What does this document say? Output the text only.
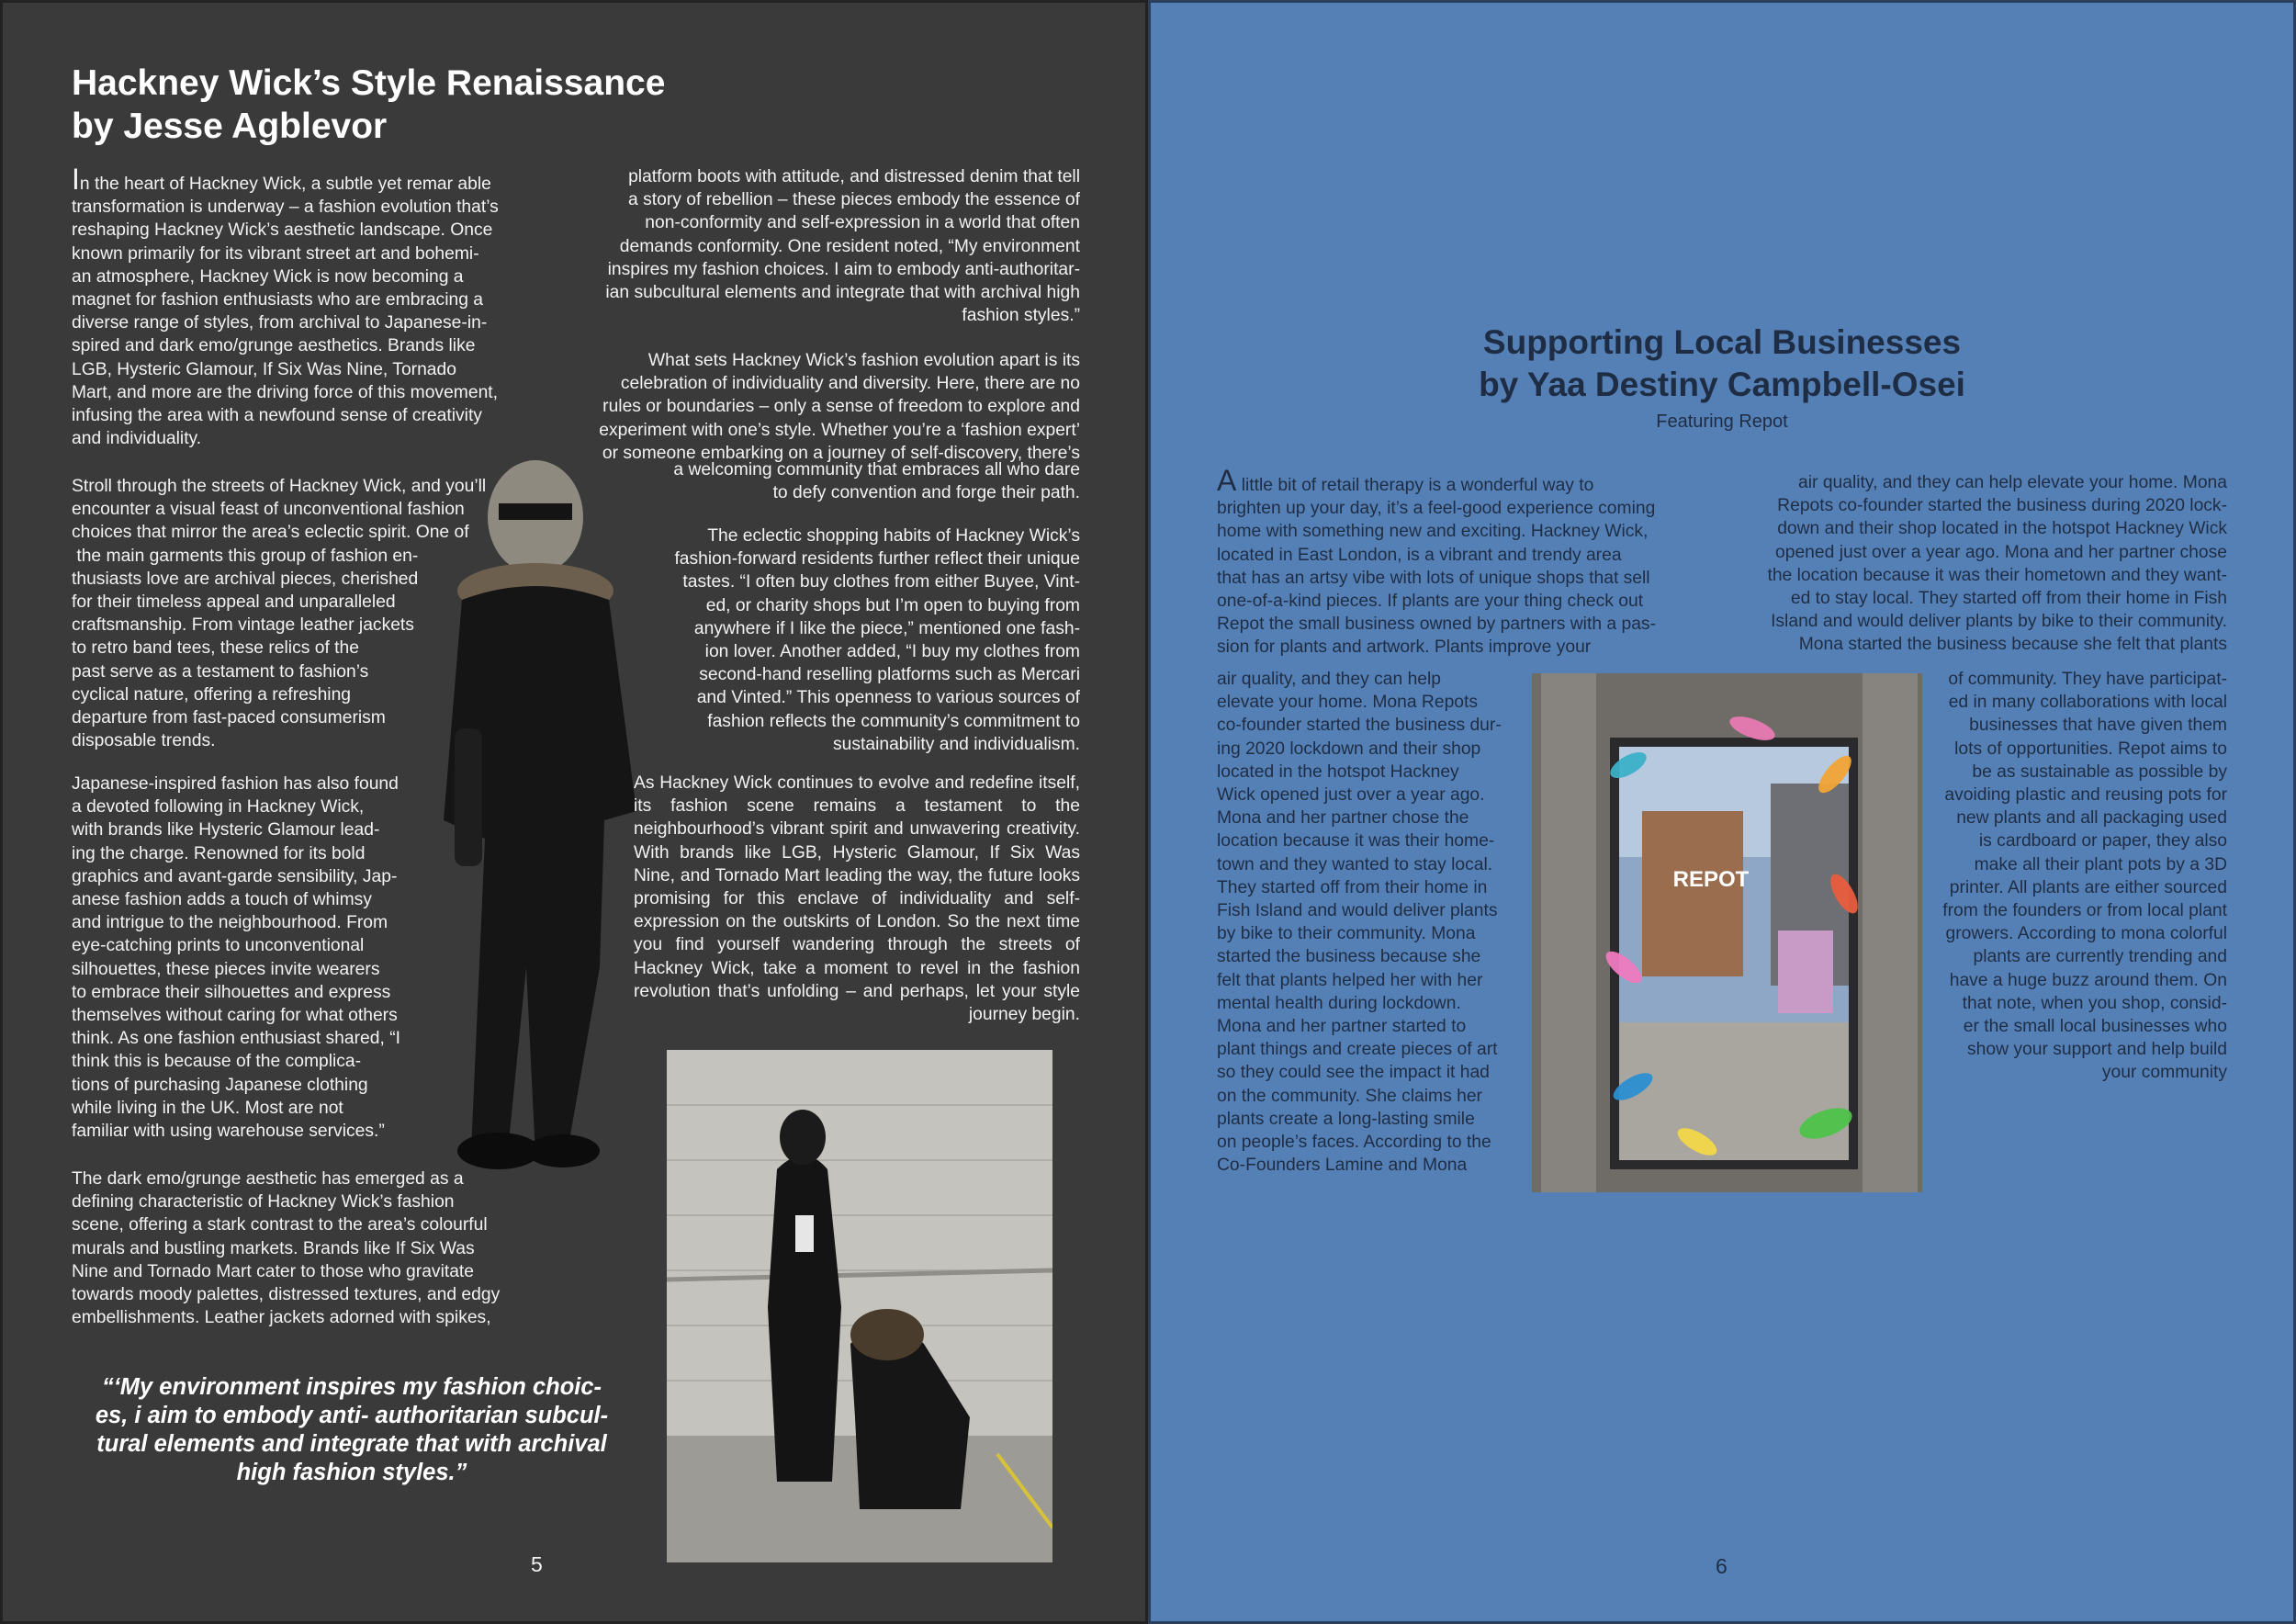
Hackney Wick’s Style Renaissance
by Jesse Agblevor
In the heart of Hackney Wick, a subtle yet remar able
transformation is underway – a fashion evolution that’s
reshaping Hackney Wick’s aesthetic landscape. Once
known primarily for its vibrant street art and bohemi-
an atmosphere, Hackney Wick is now becoming a
magnet for fashion enthusiasts who are embracing a
diverse range of styles, from archival to Japanese-in-
spired and dark emo/grunge aesthetics. Brands like
LGB, Hysteric Glamour, If Six Was Nine, Tornado
Mart, and more are the driving force of this movement,
infusing the area with a newfound sense of creativity
and individuality.
Stroll through the streets of Hackney Wick, and you’ll
encounter a visual feast of unconventional fashion
choices that mirror the area’s eclectic spirit. One of
the main garments this group of fashion en-
thusiasts love are archival pieces, cherished
for their timeless appeal and unparalleled
craftsmanship. From vintage leather jackets
to retro band tees, these relics of the
past serve as a testament to fashion’s
cyclical nature, offering a refreshing
departure from fast-paced consumerism
disposable trends.
Japanese-inspired fashion has also found
a devoted following in Hackney Wick,
with brands like Hysteric Glamour lead-
ing the charge. Renowned for its bold
graphics and avant-garde sensibility, Jap-
anese fashion adds a touch of whimsy
and intrigue to the neighbourhood. From
eye-catching prints to unconventional
silhouettes, these pieces invite wearers
to embrace their silhouettes and express
themselves without caring for what others
think. As one fashion enthusiast shared, “I
think this is because of the complica-
tions of purchasing Japanese clothing
while living in the UK. Most are not
familiar with using warehouse services.”
The dark emo/grunge aesthetic has emerged as a
defining characteristic of Hackney Wick’s fashion
scene, offering a stark contrast to the area’s colourful
murals and bustling markets. Brands like If Six Was
Nine and Tornado Mart cater to those who gravitate
towards moody palettes, distressed textures, and edgy
embellishments. Leather jackets adorned with spikes,
platform boots with attitude, and distressed denim that tell
a story of rebellion – these pieces embody the essence of
non-conformity and self-expression in a world that often
demands conformity. One resident noted, “My environment
inspires my fashion choices. I aim to embody anti-authoritar-
ian subcultural elements and integrate that with archival high
fashion styles.”
What sets Hackney Wick’s fashion evolution apart is its
celebration of individuality and diversity. Here, there are no
rules or boundaries – only a sense of freedom to explore and
experiment with one’s style. Whether you’re a ‘fashion expert’
or someone embarking on a journey of self-discovery, there’s
a welcoming community that embraces all who dare
to defy convention and forge their path.
The eclectic shopping habits of Hackney Wick’s
fashion-forward residents further reflect their unique
tastes. “I often buy clothes from either Buyee, Vint-
ed, or charity shops but I’m open to buying from
anywhere if I like the piece,” mentioned one fash-
ion lover. Another added, “I buy my clothes from
second-hand reselling platforms such as Mercari
and Vinted.” This openness to various sources of
fashion reflects the community’s commitment to
sustainability and individualism.

As Hackney Wick continues to evolve and redefine itself, its fashion scene remains a testament to the neighbourhood’s vibrant spirit and unwavering creativity. With brands like LGB, Hysteric Glamour, If Six Was Nine, and Tornado Mart leading the way, the future looks promising for this enclave of individuality and self-expression on the outskirts of London. So the next time you find yourself wandering through the streets of Hackney Wick, take a moment to revel in the fashion revolution that’s unfolding – and perhaps, let your style journey begin.

“‘My environment inspires my fashion choic-es, i aim to embody anti- authoritarian subcul-tural elements and integrate that with archival high fashion styles.”
5
Supporting Local Businesses
by Yaa Destiny Campbell-Osei
Featuring Repot
A little bit of retail therapy is a wonderful way to
brighten up your day, it’s a feel-good experience coming
home with something new and exciting. Hackney Wick,
located in East London, is a vibrant and trendy area
that has an artsy vibe with lots of unique shops that sell
one-of-a-kind pieces. If plants are your thing check out
Repot the small business owned by partners with a pas-
sion for plants and artwork. Plants improve your
air quality, and they can help
elevate your home. Mona Repots
co-founder started the business dur-
ing 2020 lockdown and their shop
located in the hotspot Hackney
Wick opened just over a year ago.
Mona and her partner chose the
location because it was their home-
town and they wanted to stay local.
They started off from their home in
Fish Island and would deliver plants
by bike to their community. Mona
started the business because she
felt that plants helped her with her
mental health during lockdown.
Mona and her partner started to
plant things and create pieces of art
so they could see the impact it had
on the community. She claims her
plants create a long-lasting smile
on people’s faces. According to the
Co-Founders Lamine and Mona
air quality, and they can help elevate your home. Mona
Repots co-founder started the business during 2020 lock-
down and their shop located in the hotspot Hackney Wick
opened just over a year ago. Mona and her partner chose
the location because it was their hometown and they want-
ed to stay local. They started off from their home in Fish
Island and would deliver plants by bike to their community.
Mona started the business because she felt that plants
of community. They have participat-
ed in many collaborations with local
businesses that have given them
lots of opportunities. Repot aims to
be as sustainable as possible by
avoiding plastic and reusing pots for
new plants and all packaging used
is cardboard or paper, they also
make all their plant pots by a 3D
printer. All plants are either sourced
from the founders or from local plant
growers. According to mona colorful
plants are currently trending and
have a huge buzz around them. On
that note, when you shop, consid-
er the small local businesses who
show your support and help build
your community
REPOT
6
